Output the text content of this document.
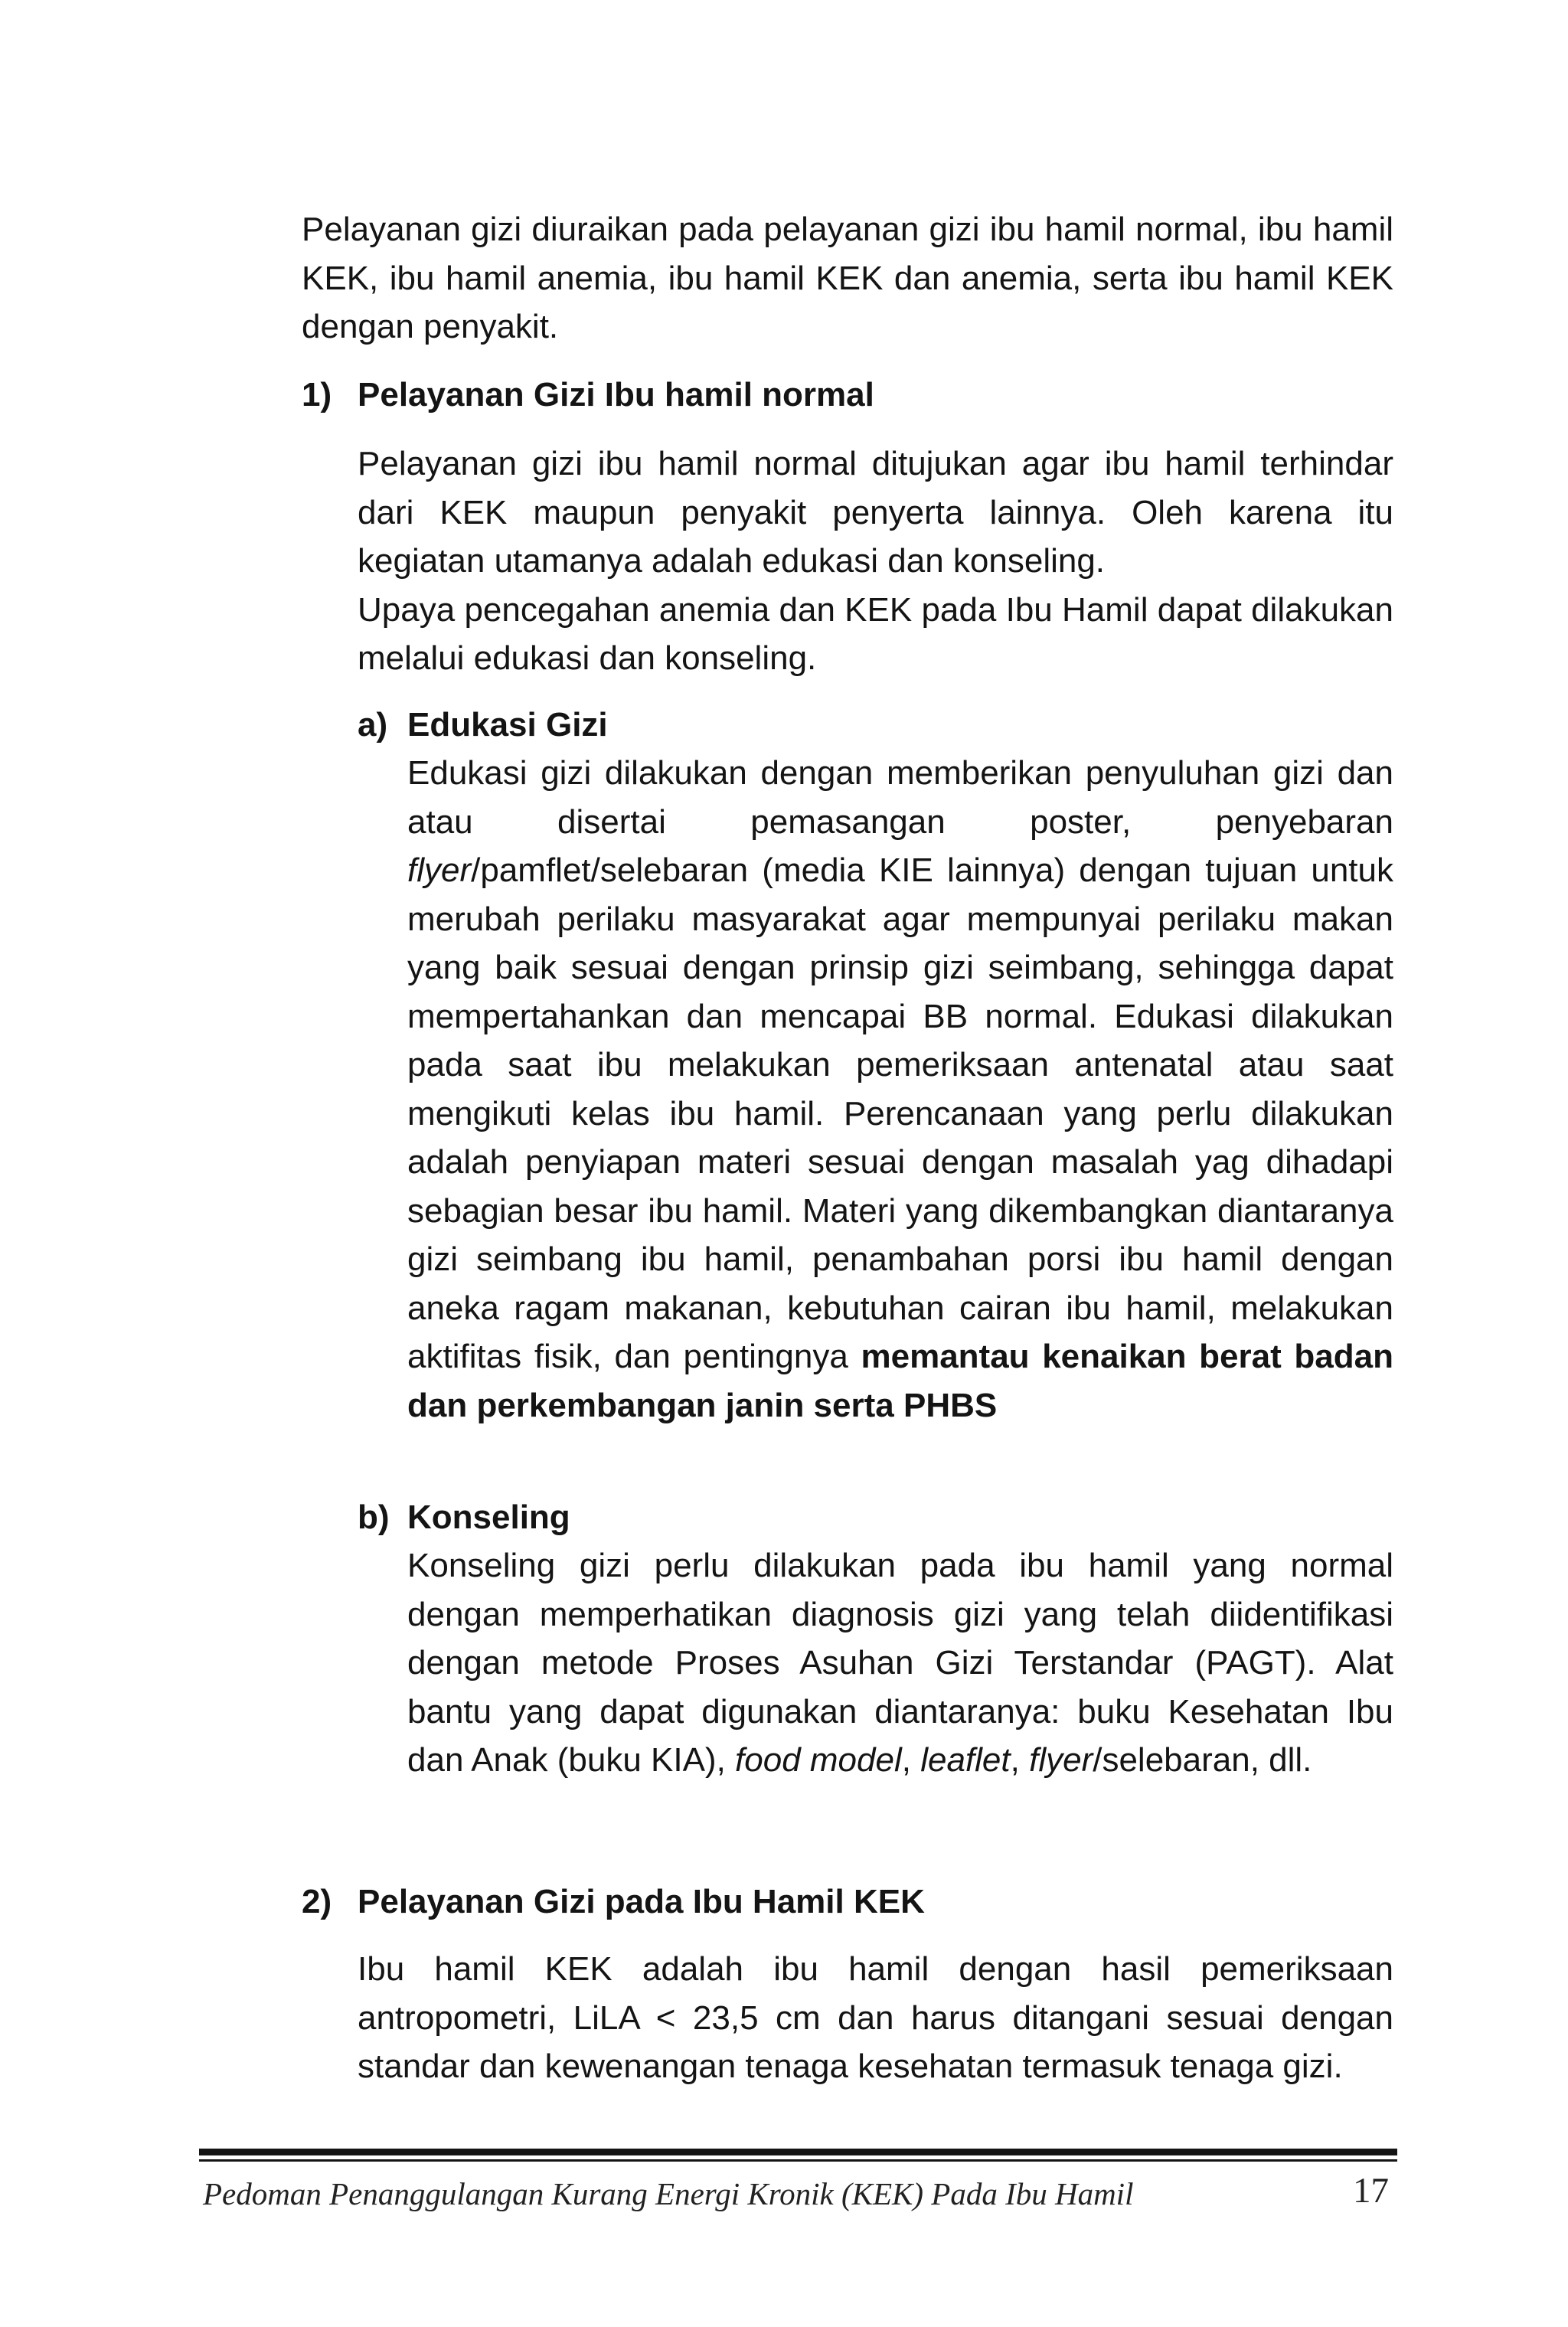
Pelayanan gizi diuraikan pada pelayanan gizi ibu hamil normal, ibu hamil KEK, ibu hamil anemia, ibu hamil KEK dan anemia, serta ibu hamil KEK dengan penyakit.

1) Pelayanan Gizi Ibu hamil normal
Pelayanan gizi ibu hamil normal ditujukan agar ibu hamil terhindar dari KEK maupun penyakit penyerta lainnya. Oleh karena itu kegiatan utamanya adalah edukasi dan konseling.
Upaya pencegahan anemia dan KEK pada Ibu Hamil dapat dilakukan melalui edukasi dan konseling.
a) Edukasi Gizi

Edukasi gizi dilakukan dengan memberikan penyuluhan gizi dan atau disertai pemasangan poster, penyebaran flyer/pamflet/selebaran (media KIE lainnya) dengan tujuan untuk merubah perilaku masyarakat agar mempunyai perilaku makan yang baik sesuai dengan prinsip gizi seimbang, sehingga dapat mempertahankan dan mencapai BB normal. Edukasi dilakukan pada saat ibu melakukan pemeriksaan antenatal atau saat mengikuti kelas ibu hamil. Perencanaan yang perlu dilakukan adalah penyiapan materi sesuai dengan masalah yag dihadapi sebagian besar ibu hamil. Materi yang dikembangkan diantaranya gizi seimbang ibu hamil, penambahan porsi ibu hamil dengan aneka ragam makanan, kebutuhan cairan ibu hamil, melakukan aktifitas fisik, dan pentingnya memantau kenaikan berat badan dan perkembangan janin serta PHBS

b) Konseling

Konseling gizi perlu dilakukan pada ibu hamil yang normal dengan memperhatikan diagnosis gizi yang telah diidentifikasi dengan metode Proses Asuhan Gizi Terstandar (PAGT). Alat bantu yang dapat digunakan diantaranya: buku Kesehatan Ibu dan Anak (buku KIA), food model, leaflet, flyer/selebaran, dll.

2) Pelayanan Gizi pada Ibu Hamil KEK

Ibu hamil KEK adalah ibu hamil dengan hasil pemeriksaan antropometri, LiLA < 23,5 cm dan harus ditangani sesuai dengan standar dan kewenangan tenaga kesehatan termasuk tenaga gizi.

Pedoman Penanggulangan Kurang Energi Kronik (KEK) Pada Ibu Hamil	17
